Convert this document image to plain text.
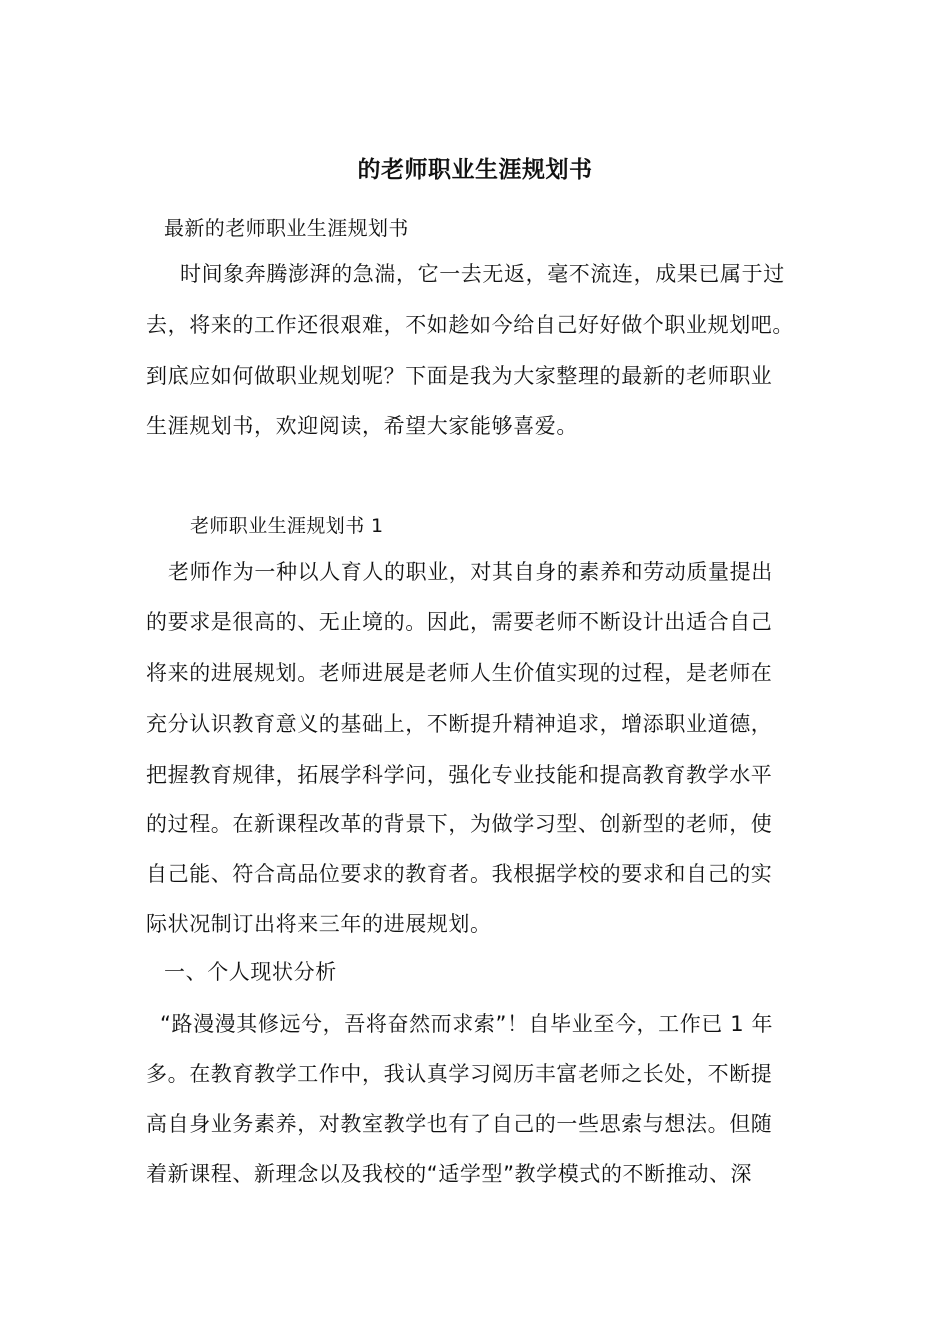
的老师职业生涯规划书
最新的老师职业生涯规划书
时间象奔腾澎湃的急湍，它一去无返，毫不流连，成果已属于过
去，将来的工作还很艰难，不如趁如今给自己好好做个职业规划吧。
到底应如何做职业规划呢？下面是我为大家整理的最新的老师职业
生涯规划书，欢迎阅读，希望大家能够喜爱。
老师职业生涯规划书 1
老师作为一种以人育人的职业，对其自身的素养和劳动质量提出
的要求是很高的、无止境的。因此，需要老师不断设计出适合自己
将来的进展规划。老师进展是老师人生价值实现的过程，是老师在
充分认识教育意义的基础上，不断提升精神追求，增添职业道德，
把握教育规律，拓展学科学问，强化专业技能和提高教育教学水平
的过程。在新课程改革的背景下，为做学习型、创新型的老师，使
自己能、符合高品位要求的教育者。我根据学校的要求和自己的实
际状况制订出将来三年的进展规划。
一、个人现状分析
“路漫漫其修远兮，吾将奋然而求索”！自毕业至今，工作已 1 年
多。在教育教学工作中，我认真学习阅历丰富老师之长处，不断提
高自身业务素养，对教室教学也有了自己的一些思索与想法。但随
着新课程、新理念以及我校的“适学型”教学模式的不断推动、深
